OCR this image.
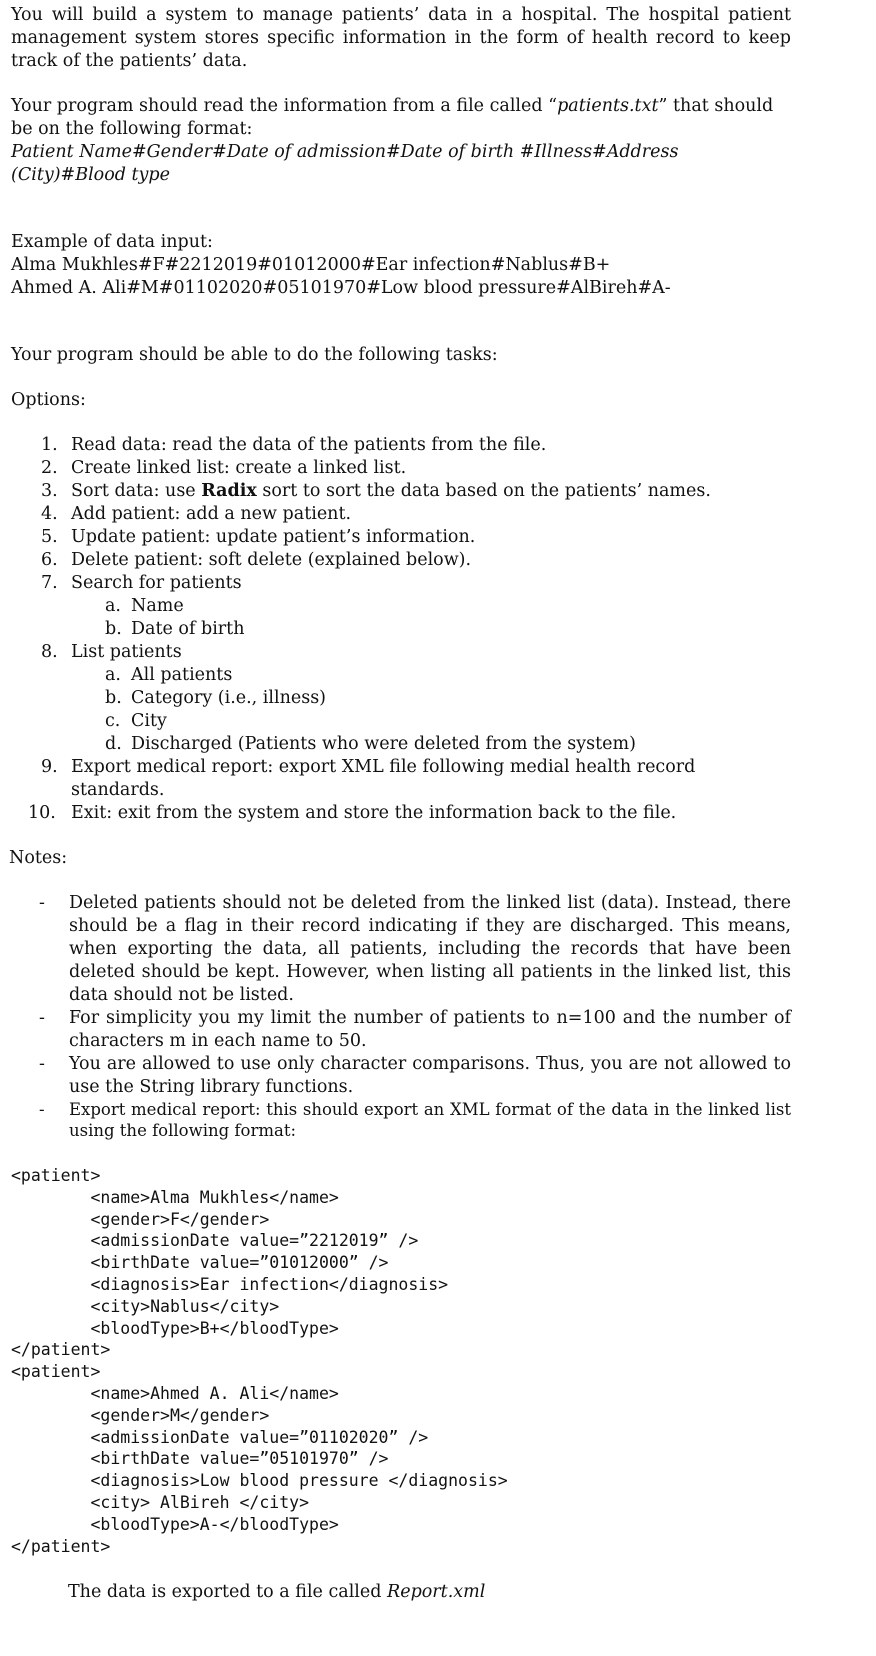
You will build a system to manage patients’ data in a hospital. The hospital patient management system stores specific information in the form of health record to keep track of the patients’ data.

Your program should read the information from a file called “patients.txt” that should be on the following format:

Patient Name#Gender#Date of admission#Date of birth #Illness#Address (City)#Blood type

Example of data input:

Alma Mukhles#F#2212019#01012000#Ear infection#Nablus#B+

Ahmed A. Ali#M#01102020#05101970#Low blood pressure#AlBireh#A-

Your program should be able to do the following tasks:

Options:

1. Read data: read the data of the patients from the file.
2. Create linked list: create a linked list.
3. Sort data: use Radix sort to sort the data based on the patients’ names.
4. Add patient: add a new patient.
5. Update patient: update patient’s information.
6. Delete patient: soft delete (explained below).
7. Search for patients
a. Name
b. Date of birth
8. List patients
a. All patients
b. Category (i.e., illness)
c. City
d. Discharged (Patients who were deleted from the system)
9. Export medical report: export XML file following medial health record standards.
10. Exit: exit from the system and store the information back to the file.

Notes:

- Deleted patients should not be deleted from the linked list (data). Instead, there should be a flag in their record indicating if they are discharged. This means, when exporting the data, all patients, including the records that have been deleted should be kept. However, when listing all patients in the linked list, this data should not be listed.
- For simplicity you my limit the number of patients to n=100 and the number of characters m in each name to 50.
- You are allowed to use only character comparisons. Thus, you are not allowed to use the String library functions.
- Export medical report: this should export an XML format of the data in the linked list using the following format:
<patient>
<name>Alma Mukhles</name>
<gender>F</gender>
<admissionDate value=”2212019” />
<birthDate value=”01012000” />
<diagnosis>Ear infection</diagnosis>
<city>Nablus</city>
<bloodType>B+</bloodType>
</patient>
<patient>
<name>Ahmed A. Ali</name>
<gender>M</gender>
<admissionDate value=”01102020” />
<birthDate value=”05101970” />
<diagnosis>Low blood pressure </diagnosis>
<city> AlBireh </city>
<bloodType>A-</bloodType>
</patient>

The data is exported to a file called Report.xml
